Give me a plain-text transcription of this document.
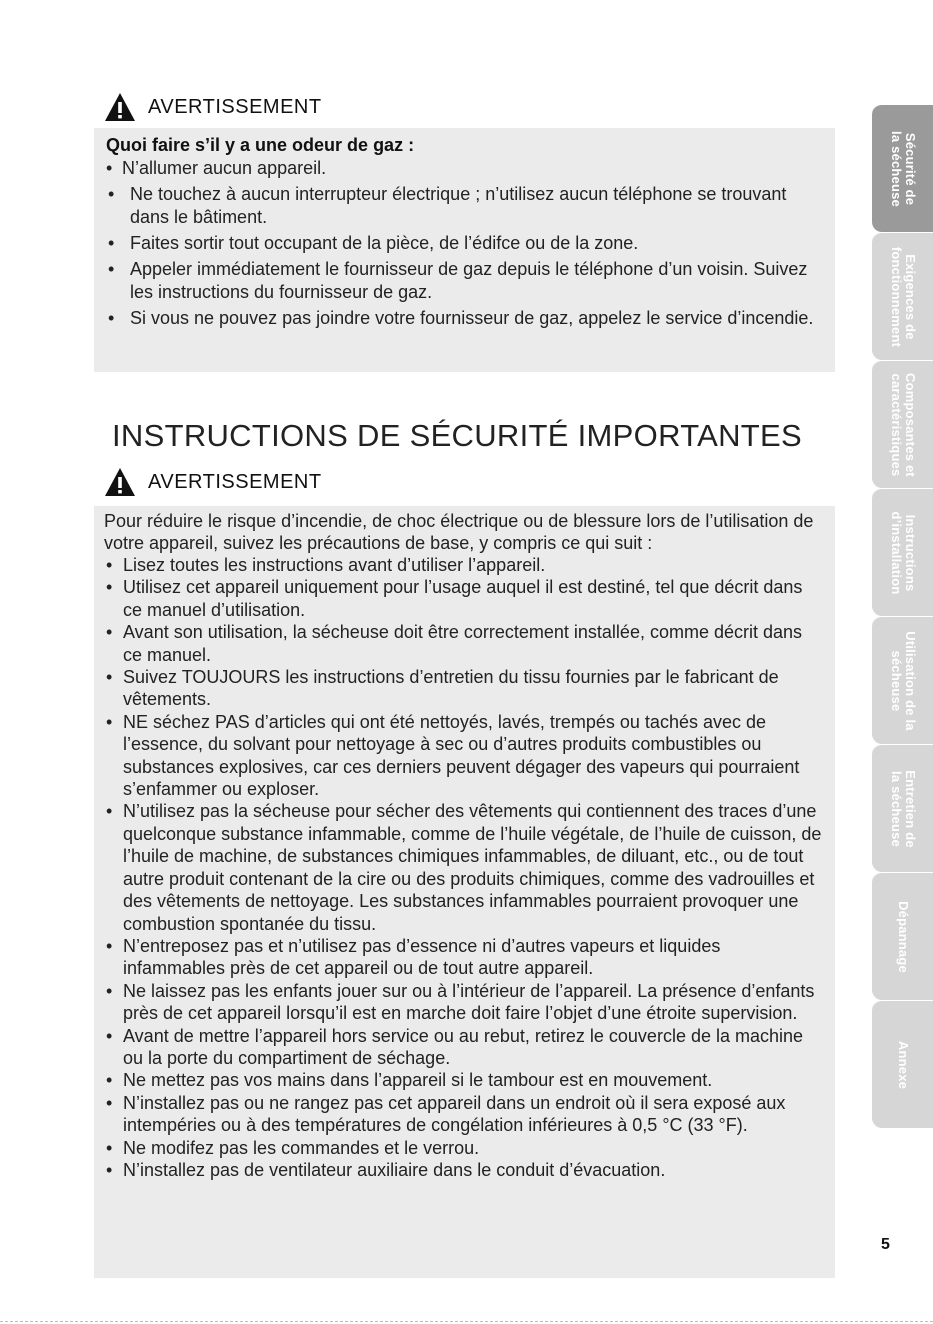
AVERTISSEMENT
Quoi faire s’il y a une odeur de gaz :
• N’allumer aucun appareil.
• Ne touchez à aucun interrupteur électrique ; n’utilisez aucun téléphone se trouvant dans le bâtiment.
• Faites sortir tout occupant de la pièce, de l’édifce ou de la zone.
• Appeler immédiatement le fournisseur de gaz depuis le téléphone d’un voisin. Suivez les instructions du fournisseur de gaz.
• Si vous ne pouvez pas joindre votre fournisseur de gaz, appelez le service d’incendie.
INSTRUCTIONS DE SÉCURITÉ IMPORTANTES
AVERTISSEMENT

Pour réduire le risque d’incendie, de choc électrique ou de blessure lors de l’utilisation de votre appareil, suivez les précautions de base, y compris ce qui suit :

• Lisez toutes les instructions avant d’utiliser l’appareil.
• Utilisez cet appareil uniquement pour l’usage auquel il est destiné, tel que décrit dans ce manuel d’utilisation.
• Avant son utilisation, la sécheuse doit être correctement installée, comme décrit dans ce manuel.
• Suivez TOUJOURS les instructions d’entretien du tissu fournies par le fabricant de vêtements.
• NE séchez PAS d’articles qui ont été nettoyés, lavés, trempés ou tachés avec de l’essence, du solvant pour nettoyage à sec ou d’autres produits combustibles ou substances explosives, car ces derniers peuvent dégager des vapeurs qui pourraient s’enfammer ou exploser.
• N’utilisez pas la sécheuse pour sécher des vêtements qui contiennent des traces d’une quelconque substance infammable, comme de l’huile végétale, de l’huile de cuisson, de l’huile de machine, de substances chimiques infammables, de diluant, etc., ou de tout autre produit contenant de la cire ou des produits chimiques, comme des vadrouilles et des vêtements de nettoyage. Les substances infammables pourraient provoquer une combustion spontanée du tissu.
• N’entreposez pas et n’utilisez pas d’essence ni d’autres vapeurs et liquides infammables près de cet appareil ou de tout autre appareil.
• Ne laissez pas les enfants jouer sur ou à l’intérieur de l’appareil. La présence d’enfants près de cet appareil lorsqu’il est en marche doit faire l’objet d’une étroite supervision.
• Avant de mettre l’appareil hors service ou au rebut, retirez le couvercle de la machine ou la porte du compartiment de séchage.
• Ne mettez pas vos mains dans l’appareil si le tambour est en mouvement.
• N’installez pas ou ne rangez pas cet appareil dans un endroit où il sera exposé aux intempéries ou à des températures de congélation inférieures à 0,5 °C (33 °F).
• Ne modifez pas les commandes et le verrou.
• N’installez pas de ventilateur auxiliaire dans le conduit d’évacuation.
Sécurité de
la sécheuse
Exigences de
fonctionnement
Composantes et
caractéristiques
Instructions
d’installation
Utilisation de la
sécheuse
Entretien de
la sécheuse
Dépannage
Annexe
5
